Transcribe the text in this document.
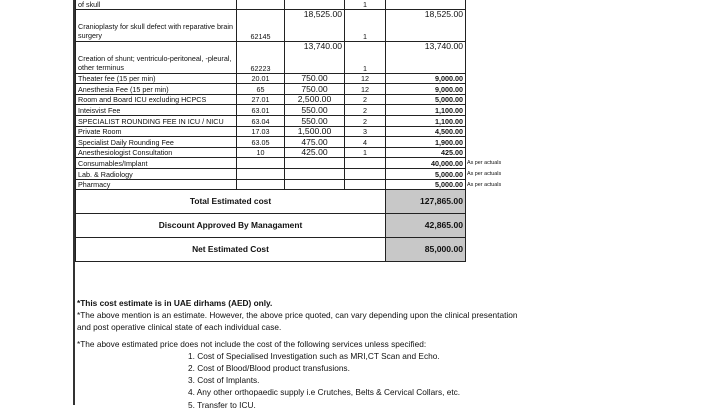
of skull			1	
Cranioplasty for skull defect with reparative brain surgery	62145	18,525.00	1	18,525.00
Creation of shunt; ventriculo-peritoneal, -pleural, other terminus	62223	13,740.00	1	13,740.00
Theater fee (15 per min)	20.01	750.00	12	9,000.00
Anesthesia Fee (15 per min)	65	750.00	12	9,000.00
Room and Board ICU excluding HCPCS	27.01	2,500.00	2	5,000.00
Inteisvist Fee	63.01	550.00	2	1,100.00
SPECIALIST ROUNDING FEE IN ICU / NICU	63.04	550.00	2	1,100.00
Private Room	17.03	1,500.00	3	4,500.00
Specialist Daily Rounding Fee	63.05	475.00	4	1,900.00
Anesthesiologist Consultation	10	425.00	1	425.00
Consumables/Implant				40,000.00 As per actuals

Lab. & Radiology				5,000.00 As per actuals

Pharmacy				5,000.00 As per actuals

Total Estimated cost				127,865.00
Discount Approved By Managament				42,865.00
Net Estimated Cost				85,000.00

*This cost estimate is in UAE dirhams (AED) only.

*The above mention is an estimate. However, the above price quoted, can vary depending upon the clinical presentation

and post operative clinical state of each individual case.

*The above estimated price does not include the cost of the following services unless specified:

1. Cost of Specialised Investigation such as MRI,CT Scan and Echo.
2. Cost of Blood/Blood product transfusions.
3. Cost of Implants.
4. Any other orthopaedic supply i.e Crutches, Belts & Cervical Collars, etc.
5. Transfer to ICU.
